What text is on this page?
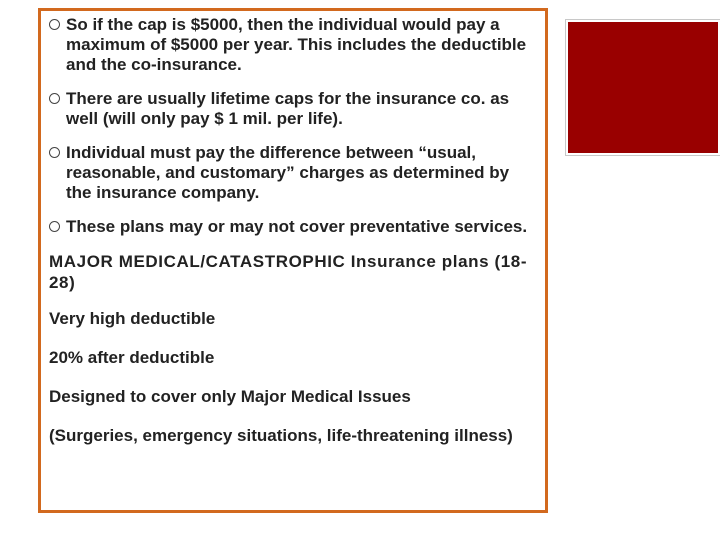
So if the cap is $5000, then the individual would pay a maximum of $5000 per year. This includes the deductible and the co-insurance.
There are usually lifetime caps for the insurance co. as well (will only pay $ 1 mil. per life).
Individual must pay the difference between “usual, reasonable, and customary” charges as determined by the insurance company.
These plans may or may not cover preventative services.
MAJOR MEDICAL/CATASTROPHIC Insurance plans (18-28)
Very high deductible
20% after deductible
Designed to cover only Major Medical Issues
(Surgeries, emergency situations, life-threatening illness)
